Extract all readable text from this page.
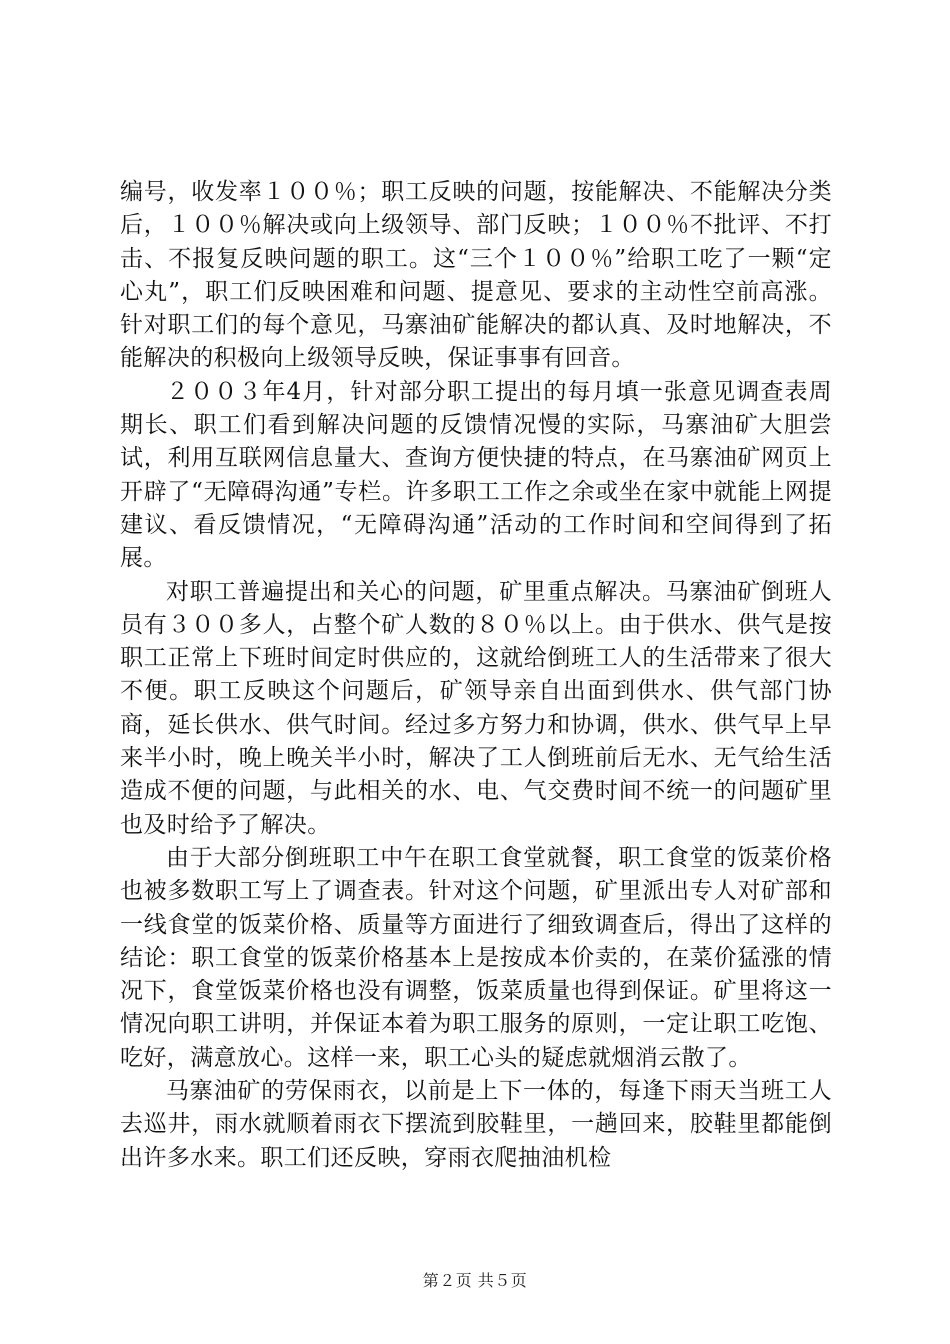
编号，收发率１００％；职工反映的问题，按能解决、不能解决分类后，１００％解决或向上级领导、部门反映；１００％不批评、不打击、不报复反映问题的职工。这“三个１００％”给职工吃了一颗“定心丸”，职工们反映困难和问题、提意见、要求的主动性空前高涨。针对职工们的每个意见，马寨油矿能解决的都认真、及时地解决，不能解决的积极向上级领导反映，保证事事有回音。

２００３年4月，针对部分职工提出的每月填一张意见调查表周期长、职工们看到解决问题的反馈情况慢的实际，马寨油矿大胆尝试，利用互联网信息量大、查询方便快捷的特点，在马寨油矿网页上开辟了“无障碍沟通”专栏。许多职工工作之余或坐在家中就能上网提建议、看反馈情况，“无障碍沟通”活动的工作时间和空间得到了拓展。

对职工普遍提出和关心的问题，矿里重点解决。马寨油矿倒班人员有３００多人，占整个矿人数的８０％以上。由于供水、供气是按职工正常上下班时间定时供应的，这就给倒班工人的生活带来了很大不便。职工反映这个问题后，矿领导亲自出面到供水、供气部门协商，延长供水、供气时间。经过多方努力和协调，供水、供气早上早来半小时，晚上晚关半小时，解决了工人倒班前后无水、无气给生活造成不便的问题，与此相关的水、电、气交费时间不统一的问题矿里也及时给予了解决。

由于大部分倒班职工中午在职工食堂就餐，职工食堂的饭菜价格也被多数职工写上了调查表。针对这个问题，矿里派出专人对矿部和一线食堂的饭菜价格、质量等方面进行了细致调查后，得出了这样的结论：职工食堂的饭菜价格基本上是按成本价卖的，在菜价猛涨的情况下，食堂饭菜价格也没有调整，饭菜质量也得到保证。矿里将这一情况向职工讲明，并保证本着为职工服务的原则，一定让职工吃饱、吃好，满意放心。这样一来，职工心头的疑虑就烟消云散了。

马寨油矿的劳保雨衣，以前是上下一体的，每逢下雨天当班工人去巡井，雨水就顺着雨衣下摆流到胶鞋里，一趟回来，胶鞋里都能倒出许多水来。职工们还反映，穿雨衣爬抽油机检

第２页 共５页
